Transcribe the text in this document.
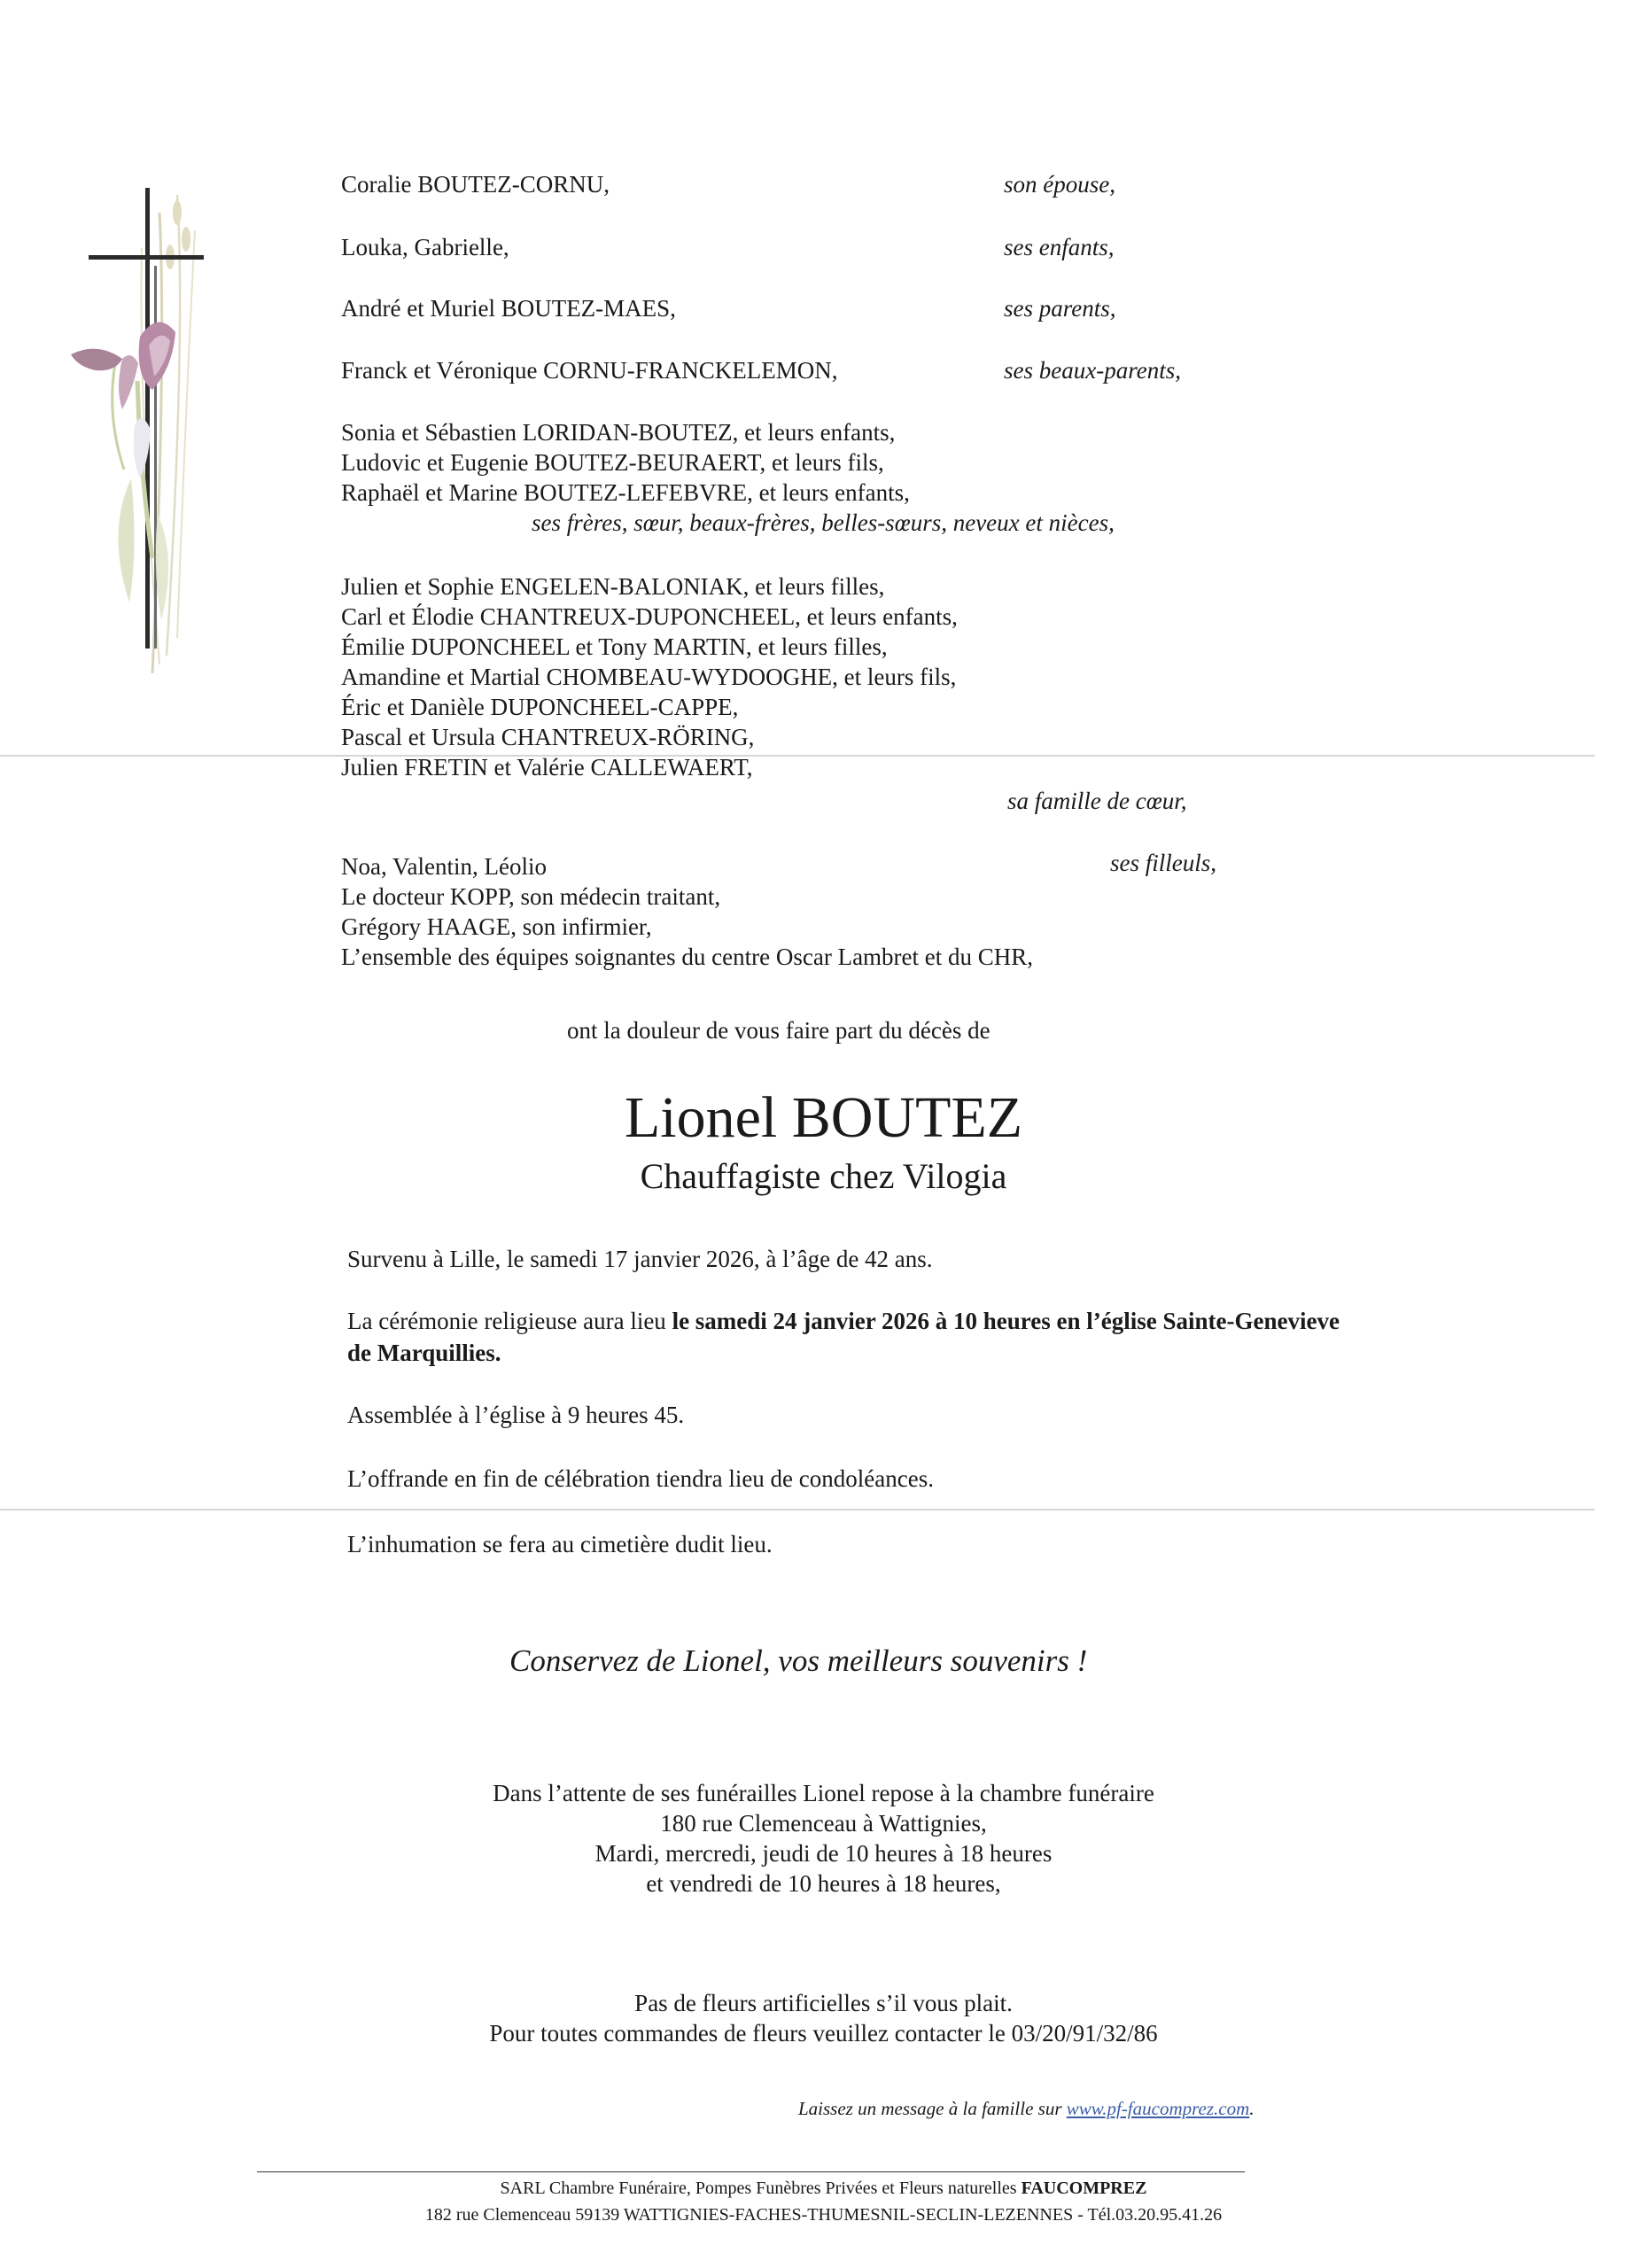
Coralie BOUTEZ-CORNU,	son épouse,
Louka, Gabrielle,	ses enfants,
André et Muriel BOUTEZ-MAES,	ses parents,
Franck et Véronique CORNU-FRANCKELEMON,	ses beaux-parents,
Sonia et Sébastien LORIDAN-BOUTEZ, et leurs enfants,
Ludovic et Eugenie BOUTEZ-BEURAERT, et leurs fils,
Raphaël et Marine BOUTEZ-LEFEBVRE, et leurs enfants,
ses frères, sœur, beaux-frères, belles-sœurs, neveux et nièces,
Julien et Sophie ENGELEN-BALONIAK, et leurs filles,
Carl et Élodie CHANTREUX-DUPONCHEEL, et leurs enfants,
Émilie DUPONCHEEL et Tony MARTIN, et leurs filles,
Amandine et Martial CHOMBEAU-WYDOOGHE, et leurs fils,
Éric et Danièle DUPONCHEEL-CAPPE,
Pascal et Ursula CHANTREUX-RÖRING,
Julien FRETIN et Valérie CALLEWAERT,
sa famille de cœur,
Noa, Valentin, Léolio	ses filleuls,
Le docteur KOPP, son médecin traitant,
Grégory HAAGE, son infirmier,
L’ensemble des équipes soignantes du centre Oscar Lambret et du CHR,
ont la douleur de vous faire part du décès de
Lionel BOUTEZ
Chauffagiste chez Vilogia
Survenu à Lille, le samedi 17 janvier 2026, à l’âge de 42 ans.
La cérémonie religieuse aura lieu le samedi 24 janvier 2026 à 10 heures en l’église Sainte-Genevieve
de Marquillies.
Assemblée à l’église à 9 heures 45.
L’offrande en fin de célébration tiendra lieu de condoléances.
L’inhumation se fera au cimetière dudit lieu.
Conservez de Lionel, vos meilleurs souvenirs !
Dans l’attente de ses funérailles Lionel repose à la chambre funéraire
180 rue Clemenceau à Wattignies,
Mardi, mercredi, jeudi de 10 heures à 18 heures
et vendredi de 10 heures à 18 heures,
Pas de fleurs artificielles s’il vous plait.
Pour toutes commandes de fleurs veuillez contacter le 03/20/91/32/86
Laissez un message à la famille sur www.pf-faucomprez.com.
SARL Chambre Funéraire, Pompes Funèbres Privées et Fleurs naturelles FAUCOMPREZ
182 rue Clemenceau 59139 WATTIGNIES-FACHES-THUMESNIL-SECLIN-LEZENNES - Tél.03.20.95.41.26
